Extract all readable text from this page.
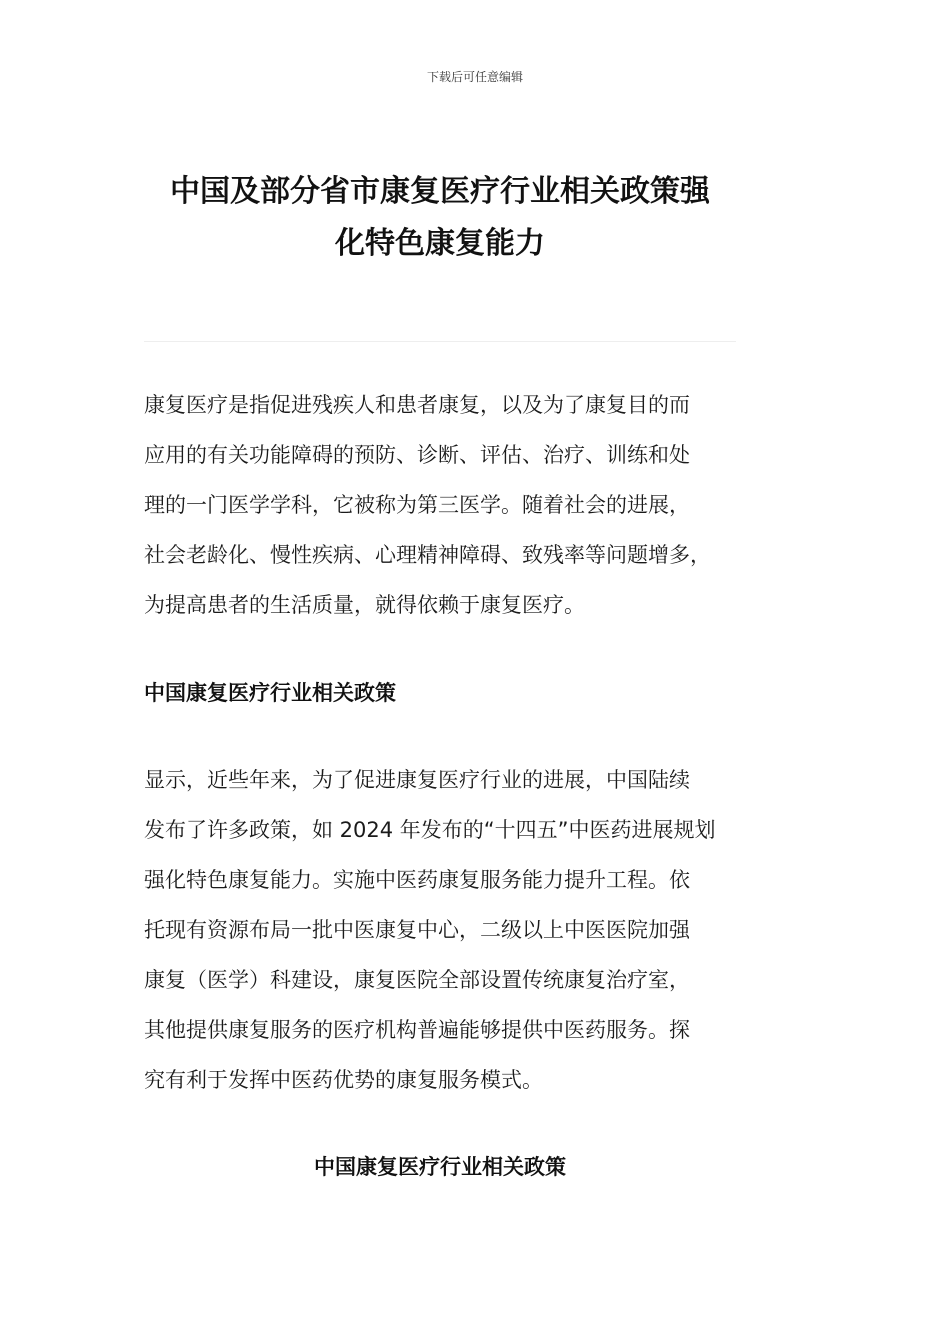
下载后可任意编辑
中国及部分省市康复医疗行业相关政策强
化特色康复能力

康复医疗是指促进残疾人和患者康复，以及为了康复目的而
应用的有关功能障碍的预防、诊断、评估、治疗、训练和处
理的一门医学学科，它被称为第三医学。随着社会的进展，
社会老龄化、慢性疾病、心理精神障碍、致残率等问题增多，
为提高患者的生活质量，就得依赖于康复医疗。

中国康复医疗行业相关政策

显示，近些年来，为了促进康复医疗行业的进展，中国陆续
发布了许多政策，如 2024 年发布的“十四五”中医药进展规划
强化特色康复能力。实施中医药康复服务能力提升工程。依
托现有资源布局一批中医康复中心，二级以上中医医院加强
康复（医学）科建设，康复医院全部设置传统康复治疗室，
其他提供康复服务的医疗机构普遍能够提供中医药服务。探
究有利于发挥中医药优势的康复服务模式。

中国康复医疗行业相关政策
